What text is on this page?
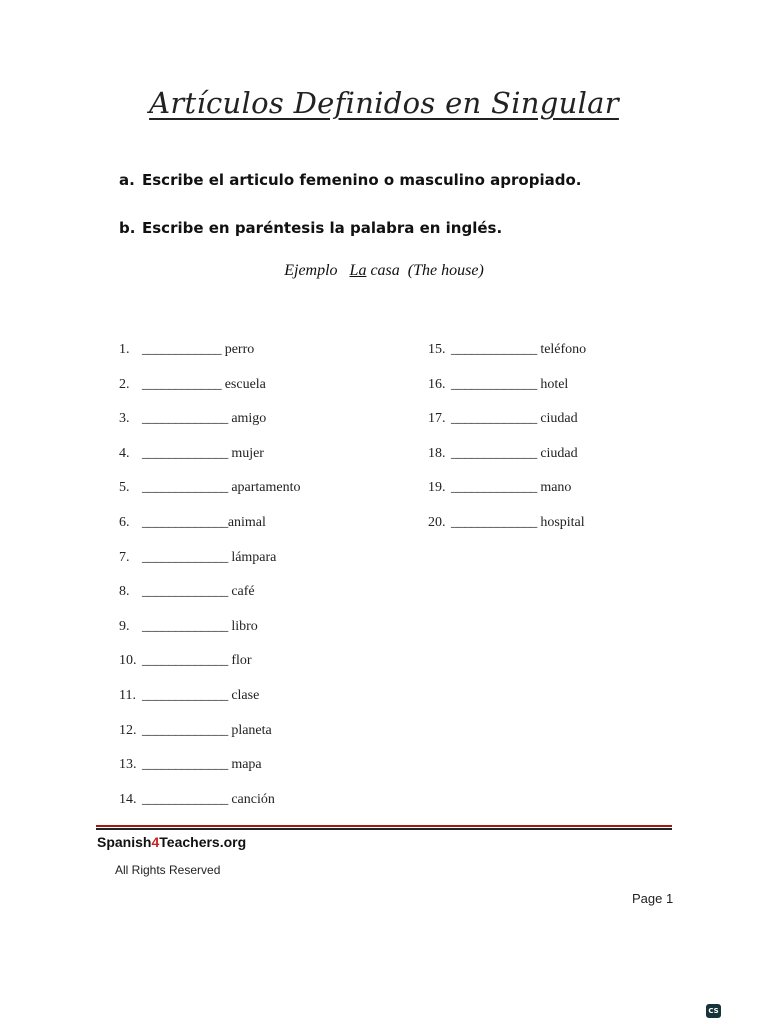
Artículos Definidos en Singular
a. Escribe el articulo femenino o masculino apropiado.
b. Escribe en paréntesis la palabra en inglés.
Ejemplo La casa (The house)
1. ____________ perro
2. ____________ escuela
3. _____________ amigo
4. _____________ mujer
5. _____________ apartamento
6. _____________animal
7. _____________ lámpara
8. _____________ café
9. _____________ libro
10. _____________ flor
11. _____________ clase
12. _____________ planeta
13. _____________ mapa
14. _____________ canción
15. _____________ teléfono
16. _____________ hotel
17. _____________ ciudad
18. _____________ ciudad
19. _____________ mano
20. _____________ hospital
Spanish4Teachers.org
All Rights Reserved
Page 1
CS
